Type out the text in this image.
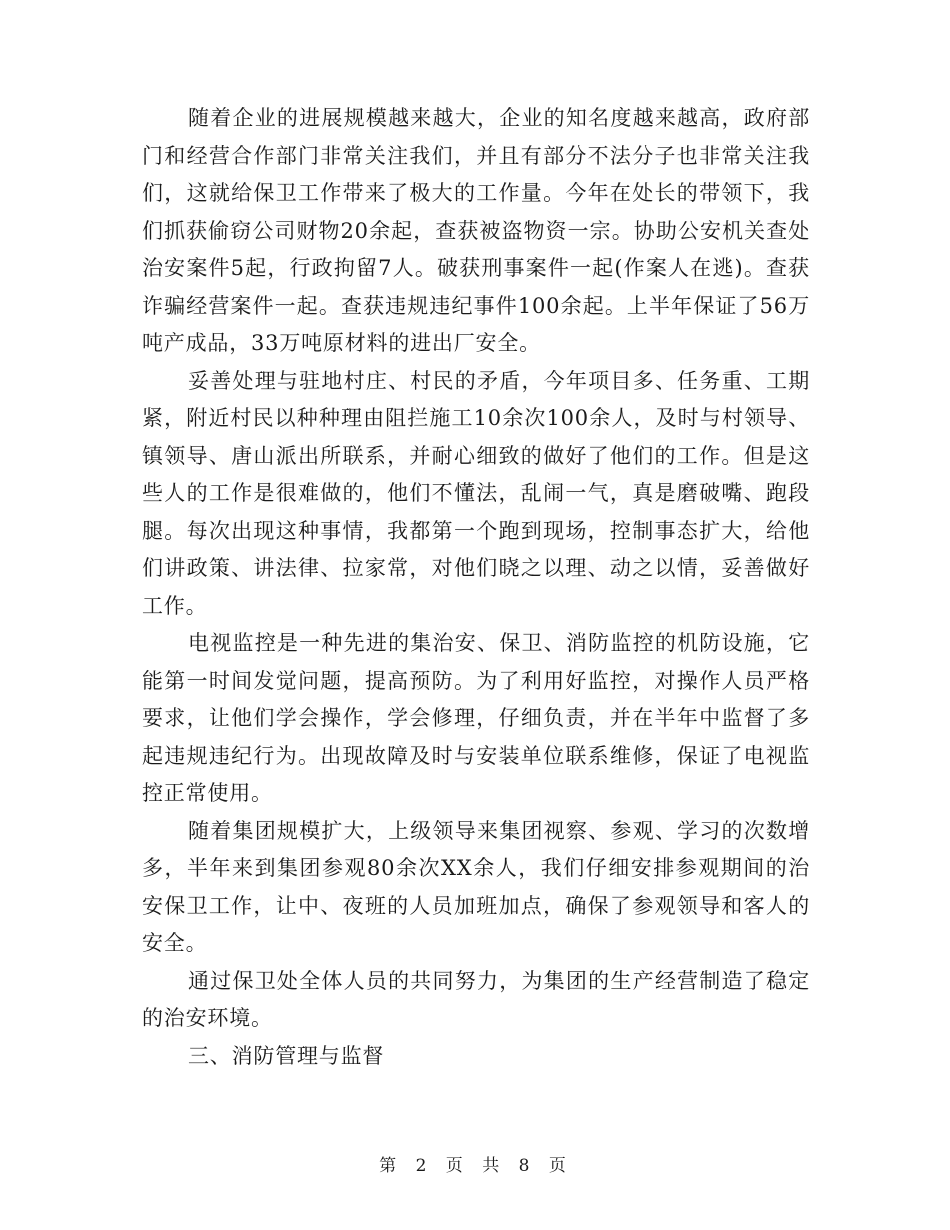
随着企业的进展规模越来越大，企业的知名度越来越高，政府部门和经营合作部门非常关注我们，并且有部分不法分子也非常关注我们，这就给保卫工作带来了极大的工作量。今年在处长的带领下，我们抓获偷窃公司财物20余起，查获被盗物资一宗。协助公安机关查处治安案件5起，行政拘留7人。破获刑事案件一起(作案人在逃)。查获诈骗经营案件一起。查获违规违纪事件100余起。上半年保证了56万吨产成品，33万吨原材料的进出厂安全。

妥善处理与驻地村庄、村民的矛盾，今年项目多、任务重、工期紧，附近村民以种种理由阻拦施工10余次100余人，及时与村领导、镇领导、唐山派出所联系，并耐心细致的做好了他们的工作。但是这些人的工作是很难做的，他们不懂法，乱闹一气，真是磨破嘴、跑段腿。每次出现这种事情，我都第一个跑到现场，控制事态扩大，给他们讲政策、讲法律、拉家常，对他们晓之以理、动之以情，妥善做好工作。

电视监控是一种先进的集治安、保卫、消防监控的机防设施，它能第一时间发觉问题，提高预防。为了利用好监控，对操作人员严格要求，让他们学会操作，学会修理，仔细负责，并在半年中监督了多起违规违纪行为。出现故障及时与安装单位联系维修，保证了电视监控正常使用。

随着集团规模扩大，上级领导来集团视察、参观、学习的次数增多，半年来到集团参观80余次XX余人，我们仔细安排参观期间的治安保卫工作，让中、夜班的人员加班加点，确保了参观领导和客人的安全。

通过保卫处全体人员的共同努力，为集团的生产经营制造了稳定的治安环境。

三、消防管理与监督

第 2 页 共 8 页
